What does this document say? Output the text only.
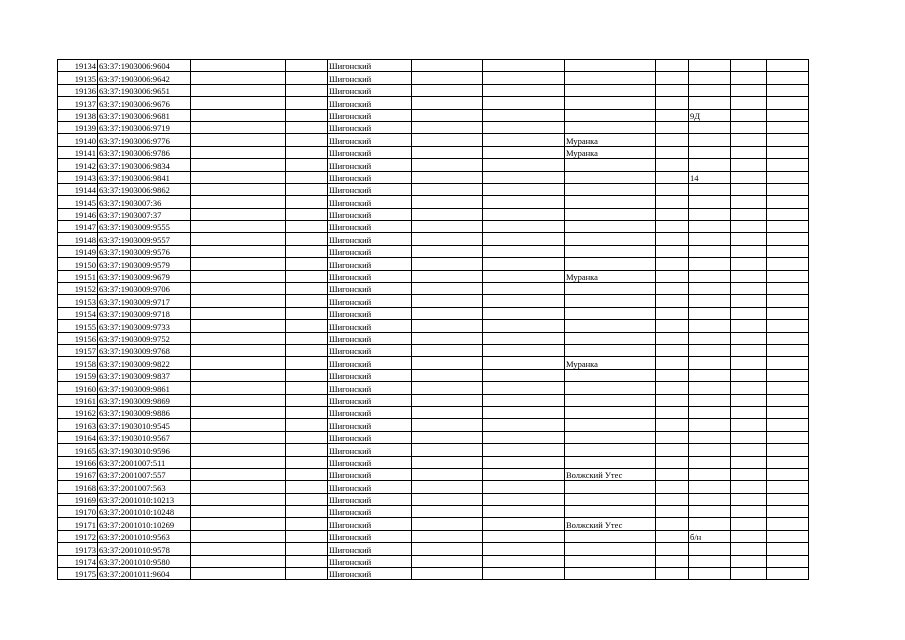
19134	63:37:1903006:9604			Шигонский							
19135	63:37:1903006:9642			Шигонский							
19136	63:37:1903006:9651			Шигонский							
19137	63:37:1903006:9676			Шигонский							
19138	63:37:1903006:9681			Шигонский					9Д		
19139	63:37:1903006:9719			Шигонский							
19140	63:37:1903006:9776			Шигонский			Муранка				
19141	63:37:1903006:9786			Шигонский			Муранка				
19142	63:37:1903006:9834			Шигонский							
19143	63:37:1903006:9841			Шигонский					14		
19144	63:37:1903006:9862			Шигонский							
19145	63:37:1903007:36			Шигонский							
19146	63:37:1903007:37			Шигонский							
19147	63:37:1903009:9555			Шигонский							
19148	63:37:1903009:9557			Шигонский							
19149	63:37:1903009:9576			Шигонский							
19150	63:37:1903009:9579			Шигонский							
19151	63:37:1903009:9679			Шигонский			Муранка				
19152	63:37:1903009:9706			Шигонский							
19153	63:37:1903009:9717			Шигонский							
19154	63:37:1903009:9718			Шигонский							
19155	63:37:1903009:9733			Шигонский							
19156	63:37:1903009:9752			Шигонский							
19157	63:37:1903009:9768			Шигонский							
19158	63:37:1903009:9822			Шигонский			Муранка				
19159	63:37:1903009:9837			Шигонский							
19160	63:37:1903009:9861			Шигонский							
19161	63:37:1903009:9869			Шигонский							
19162	63:37:1903009:9886			Шигонский							
19163	63:37:1903010:9545			Шигонский							
19164	63:37:1903010:9567			Шигонский							
19165	63:37:1903010:9596			Шигонский							
19166	63:37:2001007:511			Шигонский							
19167	63:37:2001007:557			Шигонский			Волжский Утес				
19168	63:37:2001007:563			Шигонский							
19169	63:37:2001010:10213			Шигонский							
19170	63:37:2001010:10248			Шигонский							
19171	63:37:2001010:10269			Шигонский			Волжский Утес				
19172	63:37:2001010:9563			Шигонский					б/н		
19173	63:37:2001010:9578			Шигонский							
19174	63:37:2001010:9580			Шигонский							
19175	63:37:2001011:9604			Шигонский							
